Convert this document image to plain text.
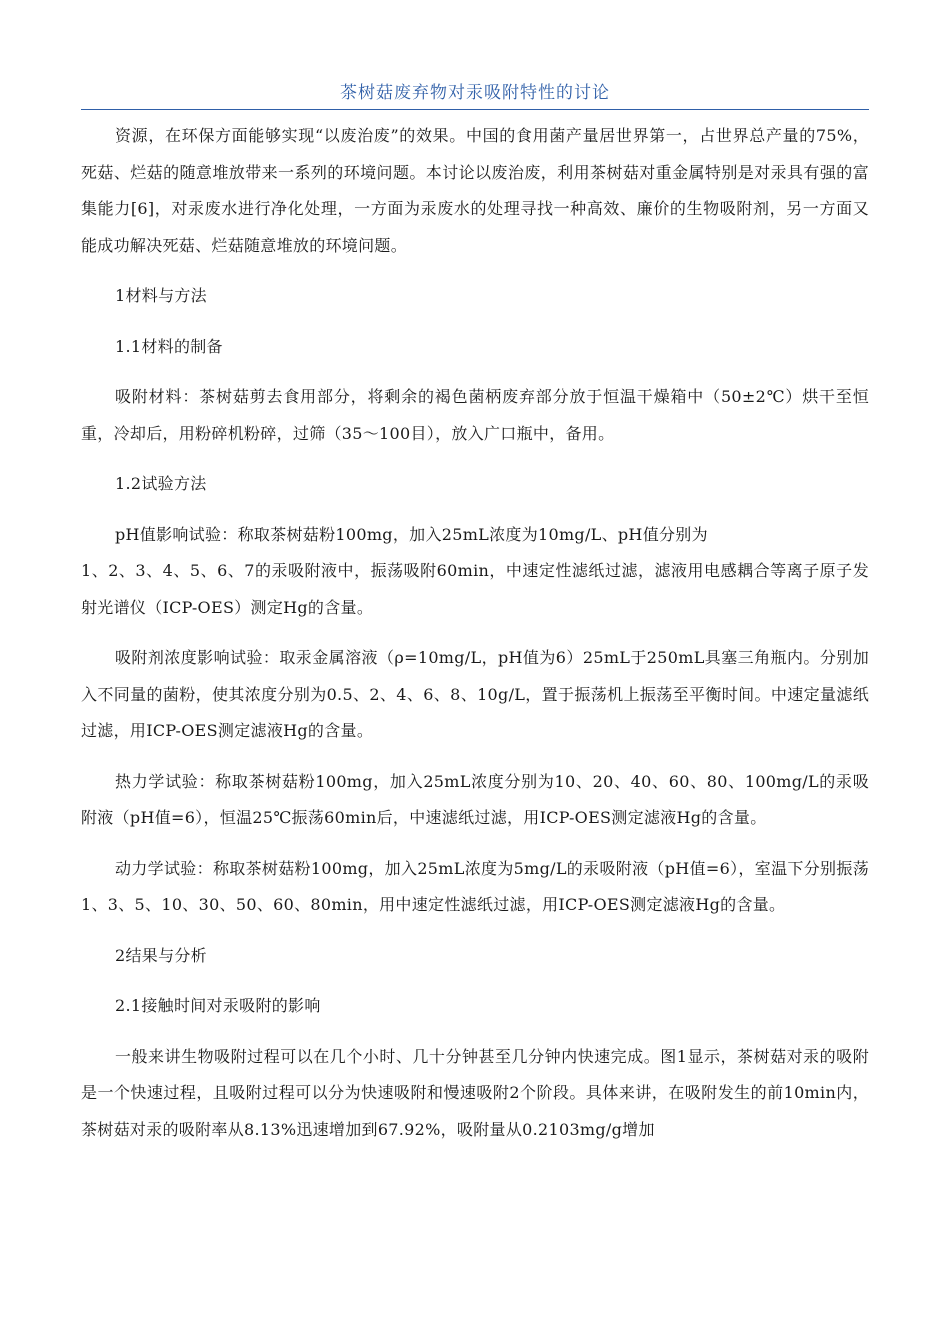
茶树菇废弃物对汞吸附特性的讨论

资源，在环保方面能够实现“以废治废”的效果。中国的食用菌产量居世界第一，占世界总产量的75%，死菇、烂菇的随意堆放带来一系列的环境问题。本讨论以废治废，利用茶树菇对重金属特别是对汞具有强的富集能力[6]，对汞废水进行净化处理，一方面为汞废水的处理寻找一种高效、廉价的生物吸附剂，另一方面又能成功解决死菇、烂菇随意堆放的环境问题。

1材料与方法

1.1材料的制备

吸附材料：茶树菇剪去食用部分，将剩余的褐色菌柄废弃部分放于恒温干燥箱中（50±2℃）烘干至恒重，冷却后，用粉碎机粉碎，过筛（35～100目），放入广口瓶中，备用。

1.2试验方法

pH值影响试验：称取茶树菇粉100mg，加入25mL浓度为10mg/L、pH值分别为

1、2、3、4、5、6、7的汞吸附液中，振荡吸附60min，中速定性滤纸过滤，滤液用电感耦合等离子原子发射光谱仪（ICP-OES）测定Hg的含量。

吸附剂浓度影响试验：取汞金属溶液（ρ=10mg/L，pH值为6）25mL于250mL具塞三角瓶内。分别加入不同量的菌粉，使其浓度分别为0.5、2、4、6、8、10g/L，置于振荡机上振荡至平衡时间。中速定量滤纸过滤，用ICP-OES测定滤液Hg的含量。

热力学试验：称取茶树菇粉100mg，加入25mL浓度分别为10、20、40、60、80、100mg/L的汞吸附液（pH值=6），恒温25℃振荡60min后，中速滤纸过滤，用ICP-OES测定滤液Hg的含量。

动力学试验：称取茶树菇粉100mg，加入25mL浓度为5mg/L的汞吸附液（pH值=6），室温下分别振荡1、3、5、10、30、50、60、80min，用中速定性滤纸过滤，用ICP-OES测定滤液Hg的含量。

2结果与分析

2.1接触时间对汞吸附的影响

一般来讲生物吸附过程可以在几个小时、几十分钟甚至几分钟内快速完成。图1显示，茶树菇对汞的吸附是一个快速过程，且吸附过程可以分为快速吸附和慢速吸附2个阶段。具体来讲，在吸附发生的前10min内，茶树菇对汞的吸附率从8.13%迅速增加到67.92%，吸附量从0.2103mg/g增加
